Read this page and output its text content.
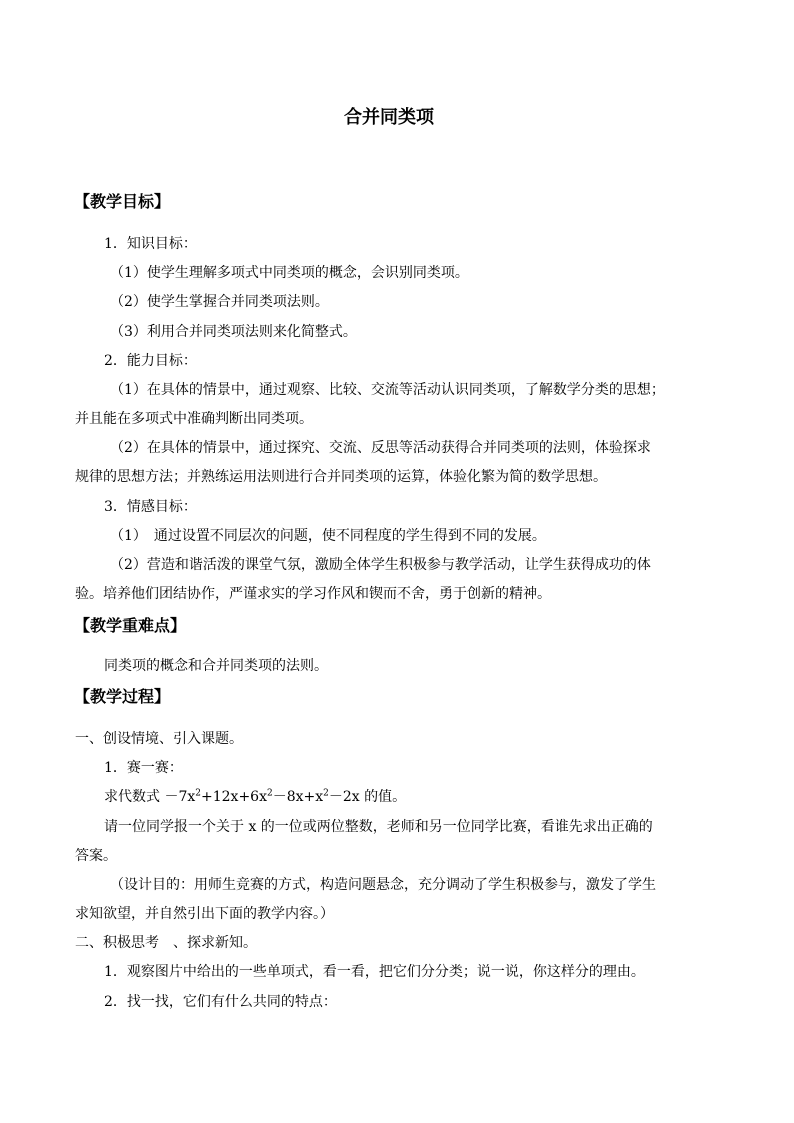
合并同类项
【教学目标】
1．知识目标：
（1）使学生理解多项式中同类项的概念，会识别同类项。
（2）使学生掌握合并同类项法则。
（3）利用合并同类项法则来化简整式。
2．能力目标：
（1）在具体的情景中，通过观察、比较、交流等活动认识同类项，了解数学分类的思想；
并且能在多项式中准确判断出同类项。
（2）在具体的情景中，通过探究、交流、反思等活动获得合并同类项的法则，体验探求
规律的思想方法；并熟练运用法则进行合并同类项的运算，体验化繁为简的数学思想。
3．情感目标：
（1）　通过设置不同层次的问题，使不同程度的学生得到不同的发展。
（2）营造和谐活泼的课堂气氛，激励全体学生积极参与教学活动，让学生获得成功的体
验。培养他们团结协作，严谨求实的学习作风和锲而不舍，勇于创新的精神。
【教学重难点】
同类项的概念和合并同类项的法则。
【教学过程】
一、创设情境、引入课题。
1．赛一赛：
求代数式 $-7x^2+12x+6x^2-8x+x^2-2x$ 的值。
请一位同学报一个关于 x 的一位或两位整数，老师和另一位同学比赛，看谁先求出正确的
答案。
（设计目的：用师生竞赛的方式，构造问题悬念，充分调动了学生积极参与，激发了学生
求知欲望，并自然引出下面的教学内容。）
二、积极思考　、探求新知。
1．观察图片中给出的一些单项式，看一看，把它们分分类；说一说，你这样分的理由。
2．找一找，它们有什么共同的特点：
